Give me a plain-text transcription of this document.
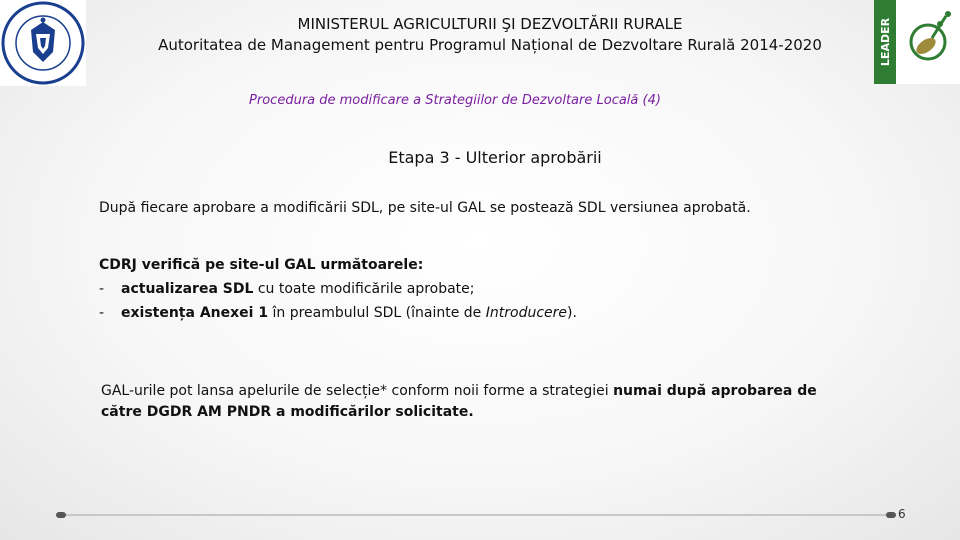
LEADER
MINISTERUL AGRICULTURII ŞI DEZVOLTĂRII RURALE
Autoritatea de Management pentru Programul Național de Dezvoltare Rurală 2014-2020
Procedura de modificare a Strategiilor de Dezvoltare Locală (4)
Etapa 3 - Ulterior aprobării
După fiecare aprobare a modificării SDL, pe site-ul GAL se postează SDL versiunea aprobată.
CDRJ verifică pe site-ul GAL următoarele:
- actualizarea SDL cu toate modificările aprobate;
- existența Anexei 1 în preambulul SDL (înainte de Introducere).
GAL-urile pot lansa apelurile de selecție* conform noii forme a strategiei numai după aprobarea de către DGDR AM PNDR a modificărilor solicitate.
6
